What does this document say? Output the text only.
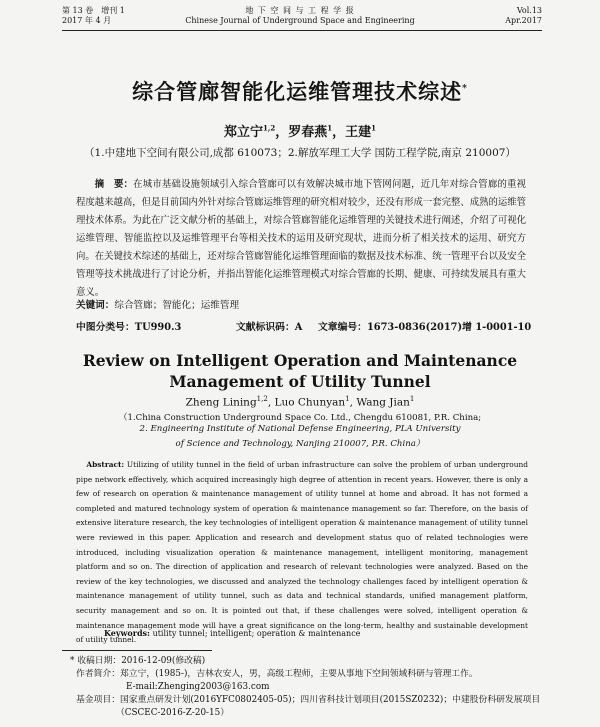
第 13 卷　增刊 1
2017 年 4 月
地 下 空 间 与 工 程 学 报
Chinese Journal of Underground Space and Engineering
Vol.13
Apr.2017
综合管廊智能化运维管理技术综述*
郑立宁$^{1,2}$，罗春燕$^1$，王建$^1$
（1.中建地下空间有限公司,成都 610073；2.解放军理工大学 国防工程学院,南京 210007）
摘　要：在城市基础设施领域引入综合管廊可以有效解决城市地下管网问题，近几年对综合管廊的重视程度越来越高，但是目前国内外针对综合管廊运维管理的研究相对较少，还没有形成一套完整、成熟的运维管理技术体系。为此在广泛文献分析的基础上，对综合管廊智能化运维管理的关键技术进行阐述，介绍了可视化运维管理、智能监控以及运维管理平台等相关技术的运用及研究现状，进而分析了相关技术的运用、研究方向。在关键技术综述的基础上，还对综合管廊智能化运维管理面临的数据及技术标准、统一管理平台以及安全管理等技术挑战进行了讨论分析，并指出智能化运维管理模式对综合管廊的长期、健康、可持续发展具有重大意义。
关键词：综合管廊；智能化；运维管理
中图分类号：TU990.3	文献标识码：A 文章编号：1673-0836(2017)增 1-0001-10
Review on Intelligent Operation and Maintenance
Management of Utility Tunnel
Zheng Lining$^{1,2}$, Luo Chunyan$^1$, Wang Jian$^1$
（1.China Construction Underground Space Co. Ltd., Chengdu 610081, P.R. China;
2. Engineering Institute of National Defense Engineering, PLA University
of Science and Technology, Nanjing 210007, P.R. China）
Abstract: Utilizing of utility tunnel in the field of urban infrastructure can solve the problem of urban underground pipe network effectively, which acquired increasingly high degree of attention in recent years. However, there is only a few of research on operation & maintenance management of utility tunnel at home and abroad. It has not formed a completed and matured technology system of operation & maintenance management so far. Therefore, on the basis of extensive literature research, the key technologies of intelligent operation & maintenance management of utility tunnel were reviewed in this paper. Application and research and development status quo of related technologies were introduced, including visualization operation & maintenance management, intelligent monitoring, management platform and so on. The direction of application and research of relevant technologies were analyzed. Based on the review of the key technologies, we discussed and analyzed the technology challenges faced by intelligent operation & maintenance management of utility tunnel, such as data and technical standards, unified management platform, security management and so on. It is pointed out that, if these challenges were solved, intelligent operation & maintenance management mode will have a great significance on the long-term, healthy and sustainable development of utility tunnel.
Keywords: utility tunnel; intelligent; operation & maintenance
* 收稿日期：2016-12-09(修改稿)
作者简介：郑立宁，(1985-)，吉林农安人，男，高级工程师，主要从事地下空间领域科研与管理工作。
E-mail:Zhenging2003@163.com
基金项目：国家重点研发计划(2016YFC0802405-05)；四川省科技计划项目(2015SZ0232)；中建股份科研发展项目
（CSCEC-2016-Z-20-15）
